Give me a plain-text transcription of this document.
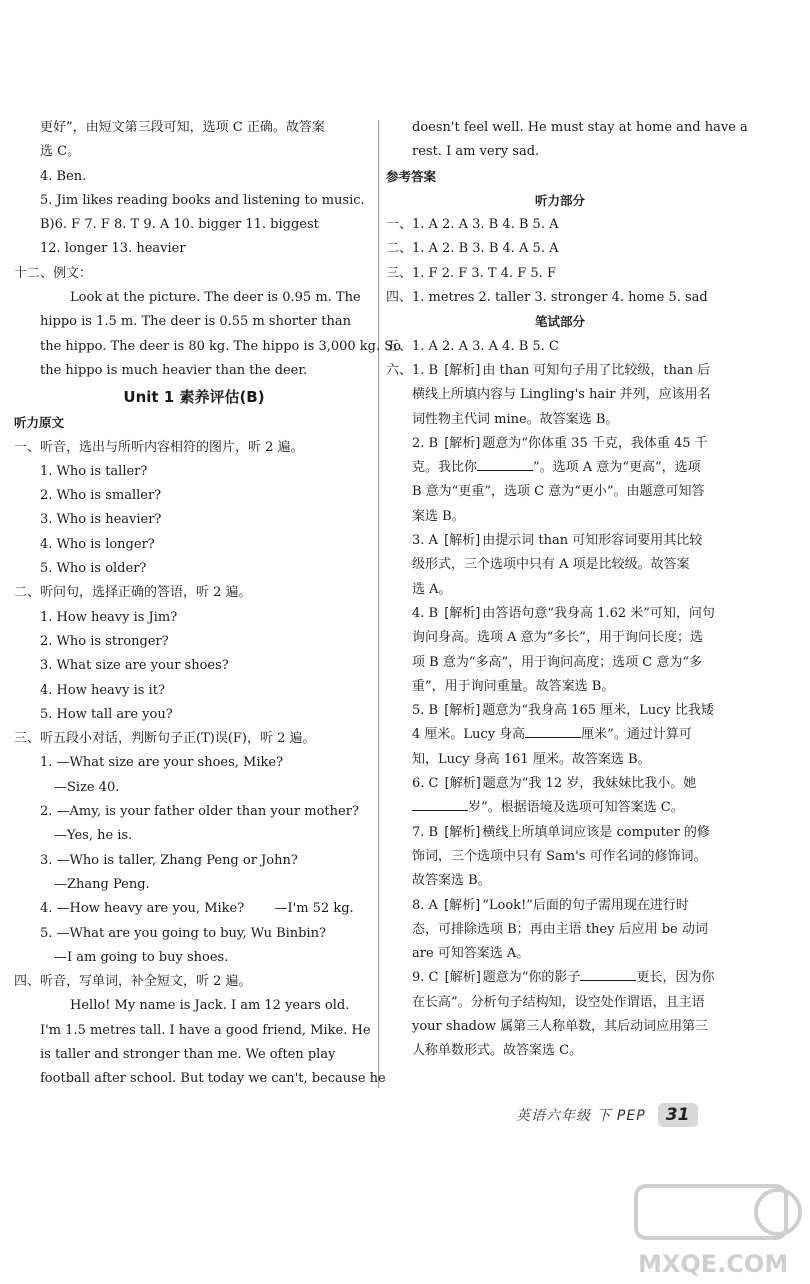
更好”，由短文第三段可知，选项 C 正确。故答案
选 C。
4. Ben.
5. Jim likes reading books and listening to music.
B)6. F 7. F 8. T 9. A 10. bigger 11. biggest
12. longer 13. heavier
十二、例文：
Look at the picture. The deer is 0.95 m. The
hippo is 1.5 m. The deer is 0.55 m shorter than
the hippo. The deer is 80 kg. The hippo is 3,000 kg. So
the hippo is much heavier than the deer.
Unit 1 素养评估(B)
听力原文
一、听音，选出与所听内容相符的图片，听 2 遍。
1. Who is taller?
2. Who is smaller?
3. Who is heavier?
4. Who is longer?
5. Who is older?
二、听问句，选择正确的答语，听 2 遍。
1. How heavy is Jim?
2. Who is stronger?
3. What size are your shoes?
4. How heavy is it?
5. How tall are you?
三、听五段小对话，判断句子正(T)误(F)，听 2 遍。
1. —What size are your shoes, Mike?
—Size 40.
2. —Amy, is your father older than your mother?
—Yes, he is.
3. —Who is taller, Zhang Peng or John?
—Zhang Peng.
4. —How heavy are you, Mike? —I'm 52 kg.
5. —What are you going to buy, Wu Binbin?
—I am going to buy shoes.
四、听音，写单词，补全短文，听 2 遍。
Hello! My name is Jack. I am 12 years old.
I'm 1.5 metres tall. I have a good friend, Mike. He
is taller and stronger than me. We often play
football after school. But today we can't, because he
doesn't feel well. He must stay at home and have a
rest. I am very sad.
参考答案
听力部分
一、1. A 2. A 3. B 4. B 5. A
二、1. A 2. B 3. B 4. A 5. A
三、1. F 2. F 3. T 4. F 5. F
四、1. metres 2. taller 3. stronger 4. home 5. sad
笔试部分
五、1. A 2. A 3. A 4. B 5. C
六、1. B [解析] 由 than 可知句子用了比较级，than 后
横线上所填内容与 Lingling's hair 并列，应该用名
词性物主代词 mine。故答案选 B。
2. B [解析] 题意为“你体重 35 千克，我体重 45 千
克。我比你	”。选项 A 意为“更高”，选项
B 意为“更重”，选项 C 意为“更小”。由题意可知答
案选 B。
3. A [解析] 由提示词 than 可知形容词要用其比较
级形式，三个选项中只有 A 项是比较级。故答案
选 A。
4. B [解析] 由答语句意“我身高 1.62 米”可知，问句
询问身高。选项 A 意为“多长”，用于询问长度；选
项 B 意为“多高”，用于询问高度；选项 C 意为“多
重”，用于询问重量。故答案选 B。
5. B [解析] 题意为“我身高 165 厘米，Lucy 比我矮
4 厘米。Lucy 身高	厘米”。通过计算可
知，Lucy 身高 161 厘米。故答案选 B。
6. C [解析] 题意为“我 12 岁，我妹妹比我小。她
岁”。根据语境及选项可知答案选 C。
7. B [解析] 横线上所填单词应该是 computer 的修
饰词，三个选项中只有 Sam's 可作名词的修饰词。
故答案选 B。
8. A [解析] “Look!”后面的句子需用现在进行时
态，可排除选项 B；再由主语 they 后应用 be 动词
are 可知答案选 A。
9. C [解析] 题意为“你的影子	更长，因为你
在长高”。分析句子结构知，设空处作谓语，且主语
your shadow 属第三人称单数，其后动词应用第三
人称单数形式。故答案选 C。
英语六年级 下 PEP	31
MXQE.COM
